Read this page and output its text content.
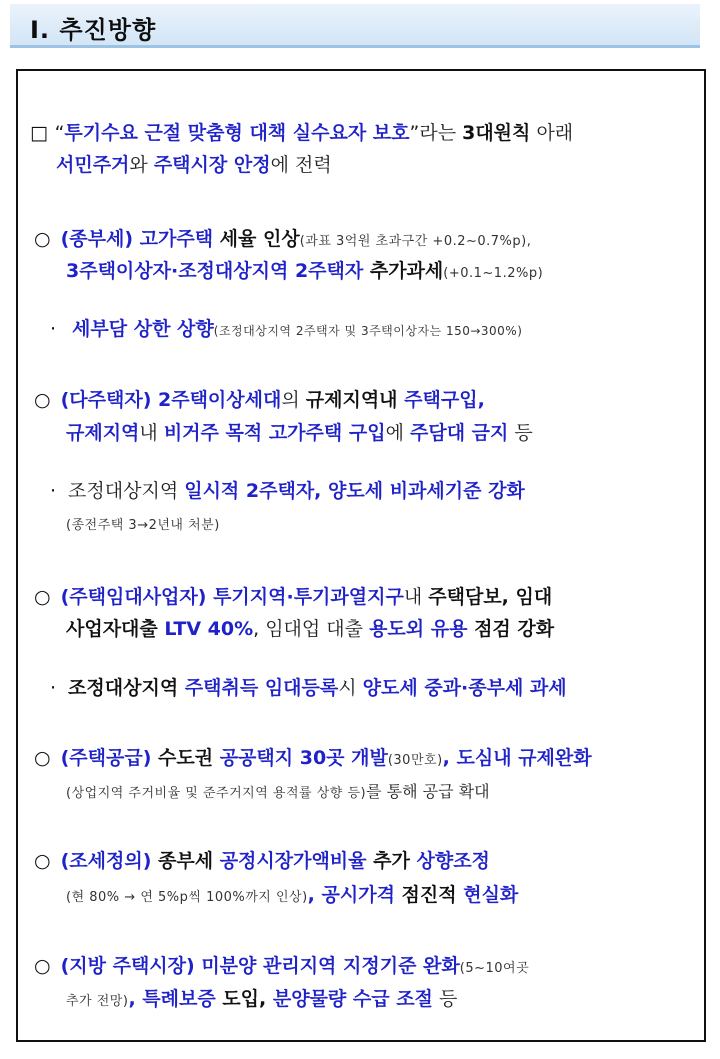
Ⅰ. 추진방향
□ “투기수요 근절 맞춤형 대책 실수요자 보호”라는 3대원칙 아래
서민주거와 주택시장 안정에 전력
○ (종부세) 고가주택 세율 인상(과표 3억원 초과구간 +0.2~0.7%p),
3주택이상자·조정대상지역 2주택자 추가과세(+0.1~1.2%p)
· 세부담 상한 상향(조정대상지역 2주택자 및 3주택이상자는 150→300%)
○ (다주택자) 2주택이상세대의 규제지역내 주택구입,
규제지역내 비거주 목적 고가주택 구입에 주담대 금지 등
· 조정대상지역 일시적 2주택자, 양도세 비과세기준 강화
(종전주택 3→2년내 처분)
○ (주택임대사업자) 투기지역·투기과열지구내 주택담보, 임대
사업자대출 LTV 40%, 임대업 대출 용도외 유용 점검 강화
· 조정대상지역 주택취득 임대등록시 양도세 중과·종부세 과세
○ (주택공급) 수도권 공공택지 30곳 개발(30만호), 도심내 규제완화
(상업지역 주거비율 및 준주거지역 용적률 상향 등)를 통해 공급 확대
○ (조세정의) 종부세 공정시장가액비율 추가 상향조정
(현 80% → 연 5%p씩 100%까지 인상), 공시가격 점진적 현실화
○ (지방 주택시장) 미분양 관리지역 지정기준 완화(5~10여곳
추가 전망), 특례보증 도입, 분양물량 수급 조절 등
